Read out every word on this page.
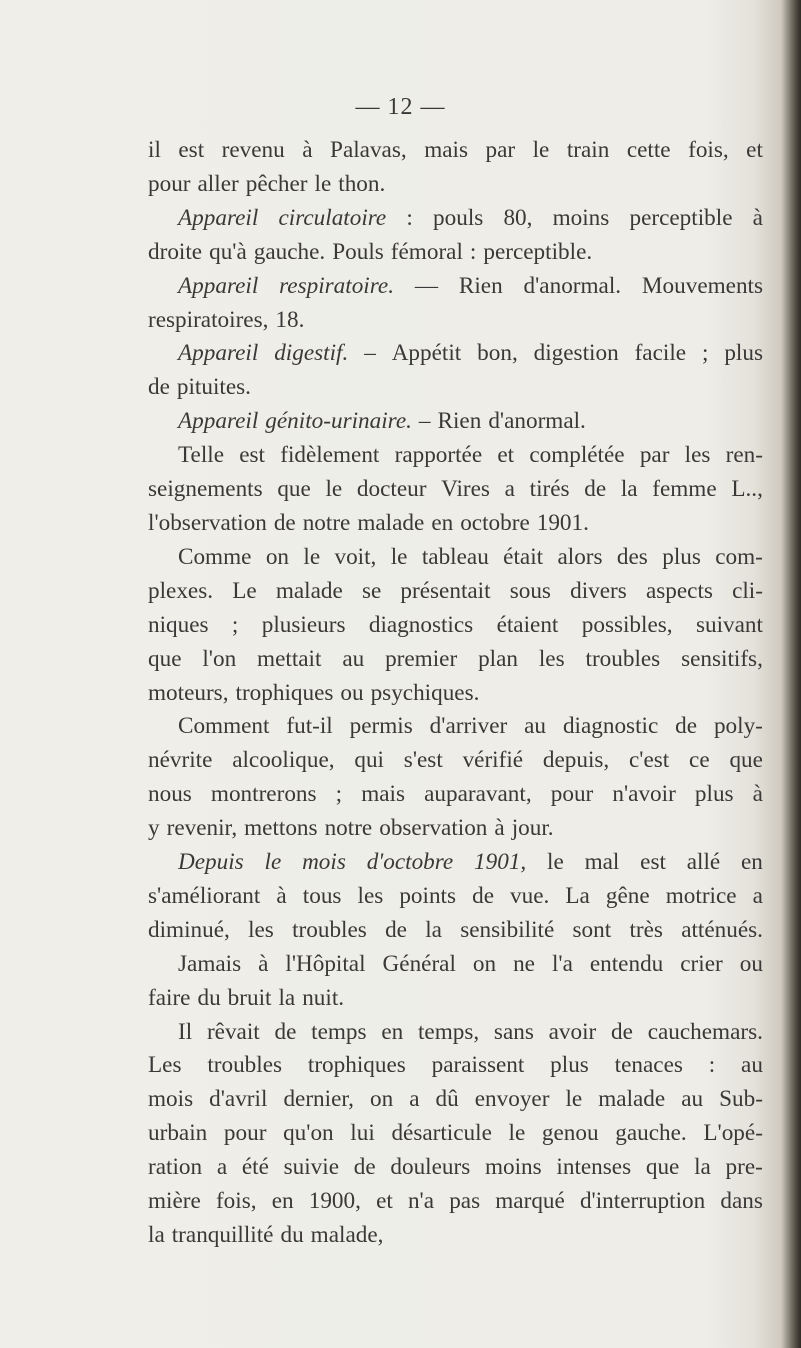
— 12 —
il est revenu à Palavas, mais par le train cette fois, et
pour aller pêcher le thon.
Appareil circulatoire : pouls 80, moins perceptible à
droite qu'à gauche. Pouls fémoral : perceptible.
Appareil respiratoire. — Rien d'anormal. Mouvements
respiratoires, 18.
Appareil digestif. – Appétit bon, digestion facile ; plus
de pituites.
Appareil génito-urinaire. – Rien d'anormal.
Telle est fidèlement rapportée et complétée par les ren-
seignements que le docteur Vires a tirés de la femme L..,
l'observation de notre malade en octobre 1901.
Comme on le voit, le tableau était alors des plus com-
plexes. Le malade se présentait sous divers aspects cli-
niques ; plusieurs diagnostics étaient possibles, suivant
que l'on mettait au premier plan les troubles sensitifs,
moteurs, trophiques ou psychiques.
Comment fut-il permis d'arriver au diagnostic de poly-
névrite alcoolique, qui s'est vérifié depuis, c'est ce que
nous montrerons ; mais auparavant, pour n'avoir plus à
y revenir, mettons notre observation à jour.
Depuis le mois d'octobre 1901, le mal est allé en
s'améliorant à tous les points de vue. La gêne motrice a
diminué, les troubles de la sensibilité sont très atténués.
Jamais à l'Hôpital Général on ne l'a entendu crier ou
faire du bruit la nuit.
Il rêvait de temps en temps, sans avoir de cauchemars.
Les troubles trophiques paraissent plus tenaces : au
mois d'avril dernier, on a dû envoyer le malade au Sub-
urbain pour qu'on lui désarticule le genou gauche. L'opé-
ration a été suivie de douleurs moins intenses que la pre-
mière fois, en 1900, et n'a pas marqué d'interruption dans
la tranquillité du malade,
